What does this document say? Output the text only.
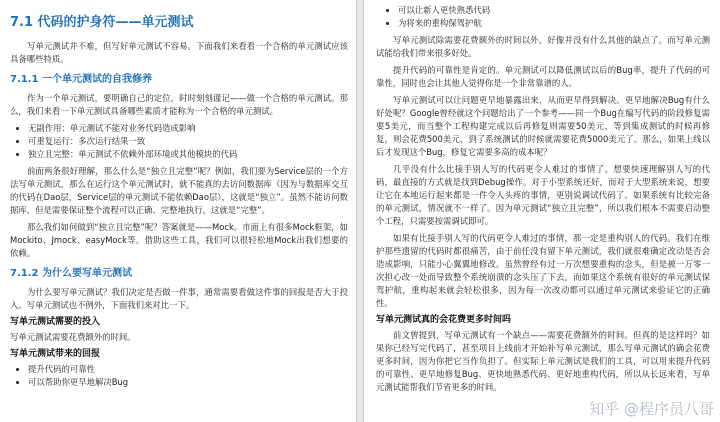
7.1 代码的护身符——单元测试

写单元测试并不难，但写好单元测试不容易。下面我们来看看一个合格的单元测试应该具备哪些特质。

7.1.1 一个单元测试的自我修养

作为一个单元测试，要明确自己的定位，时时刻刻谨记——做一个合格的单元测试。那么，我们来看一下单元测试具备哪些素质才能称为一个合格的单元测试。

• 无副作用：单元测试不能对业务代码造成影响
• 可重复运行：多次运行结果一致
• 独立且完整：单元测试不依赖外部环境或其他模块的代码

前面两条很好理解，那么什么是“独立且完整”呢？例如，我们要为Service层的一个方法写单元测试，那么在运行这个单元测试时，就不能真的去访问数据库（因为与数据库交互的代码在Dao层，Service层的单元测试不能依赖Dao层），这就是“独立”。虽然不能访问数据库，但是需要保证整个流程可以正确、完整地执行，这就是“完整”。

那么我们如何做到“独立且完整”呢？答案就是——Mock。市面上有很多Mock框架，如Mockito、Jmock、easyMock等。借助这些工具，我们可以很轻松地Mock出我们想要的依赖。

7.1.2 为什么要写单元测试

为什么要写单元测试？我们决定是否做一件事，通常需要看做这件事的回报是否大于投入。写单元测试也不例外，下面我们来对比一下。

写单元测试需要的投入

写单元测试需要花费额外的时间。

写单元测试带来的回报
• 提升代码的可靠性
• 可以帮助你更早地解决Bug
• 可以让新人更快熟悉代码
• 为将来的重构保驾护航

写单元测试除需要花费额外的时间以外，好像并没有什么其他的缺点了。而写单元测试能给我们带来很多好处。

提升代码的可靠性是肯定的。单元测试可以降低测试以后的Bug率，提升了代码的可靠性，同时也会让其他人觉得你是一个非常靠谱的人。

写单元测试可以让问题更早地暴露出来，从而更早得到解决。更早地解决Bug有什么好处呢？Google曾经就这个问题给出了一个参考——同一个Bug在编写代码的阶段修复需要5美元，而当整个工程构建完成以后再修复则需要50美元，等到集成测试的时候再修复，则会花费500美元，到了系统测试的时候就需要花费5000美元了。那么，如果上线以后才发现这个Bug，修复它需要多高的成本呢？

几乎没有什么比接手别人写的代码更令人难过的事情了。想要快速理解别人写的代码，最直接的方式就是找到Debug操作。对于小型系统还好，而对于大型系统来说，想要让它在本地运行起来都是一件令人头疼的事情，更别说调试代码了。如果系统有比较完备的单元测试，情况就不一样了。因为单元测试“独立且完整”，所以我们根本不需要启动整个工程，只需要按需调试即可。

如果有比接手别人写的代码更令人难过的事情，那一定是重构别人的代码。我们在维护那些遗留的代码时都很痛苦，由于前任没有留下单元测试，我们就很难确定改动是否会造成影响，只能小心翼翼地修改。虽然曾经有过一万次想要重构的念头，但是被一万零一次担心改一处而导致整个系统崩溃的念头压了下去。而如果这个系统有很好的单元测试保驾护航，重构起来就会轻松很多，因为每一次改动都可以通过单元测试来验证它的正确性。

写单元测试真的会花费更多时间吗

前文曾提到，写单元测试有一个缺点——需要花费额外的时间。但真的是这样吗？如果你已经写完代码了，甚至项目上线前才开始补写单元测试，那么写单元测试的确会花费更多时间，因为你把它当作负担了。但实际上单元测试是我们的工具，可以用来提升代码的可靠性、更早地修复Bug、更快地熟悉代码、更好地重构代码，所以从长远来看，写单元测试能帮我们节省更多的时间。

知乎 @程序员八哥
